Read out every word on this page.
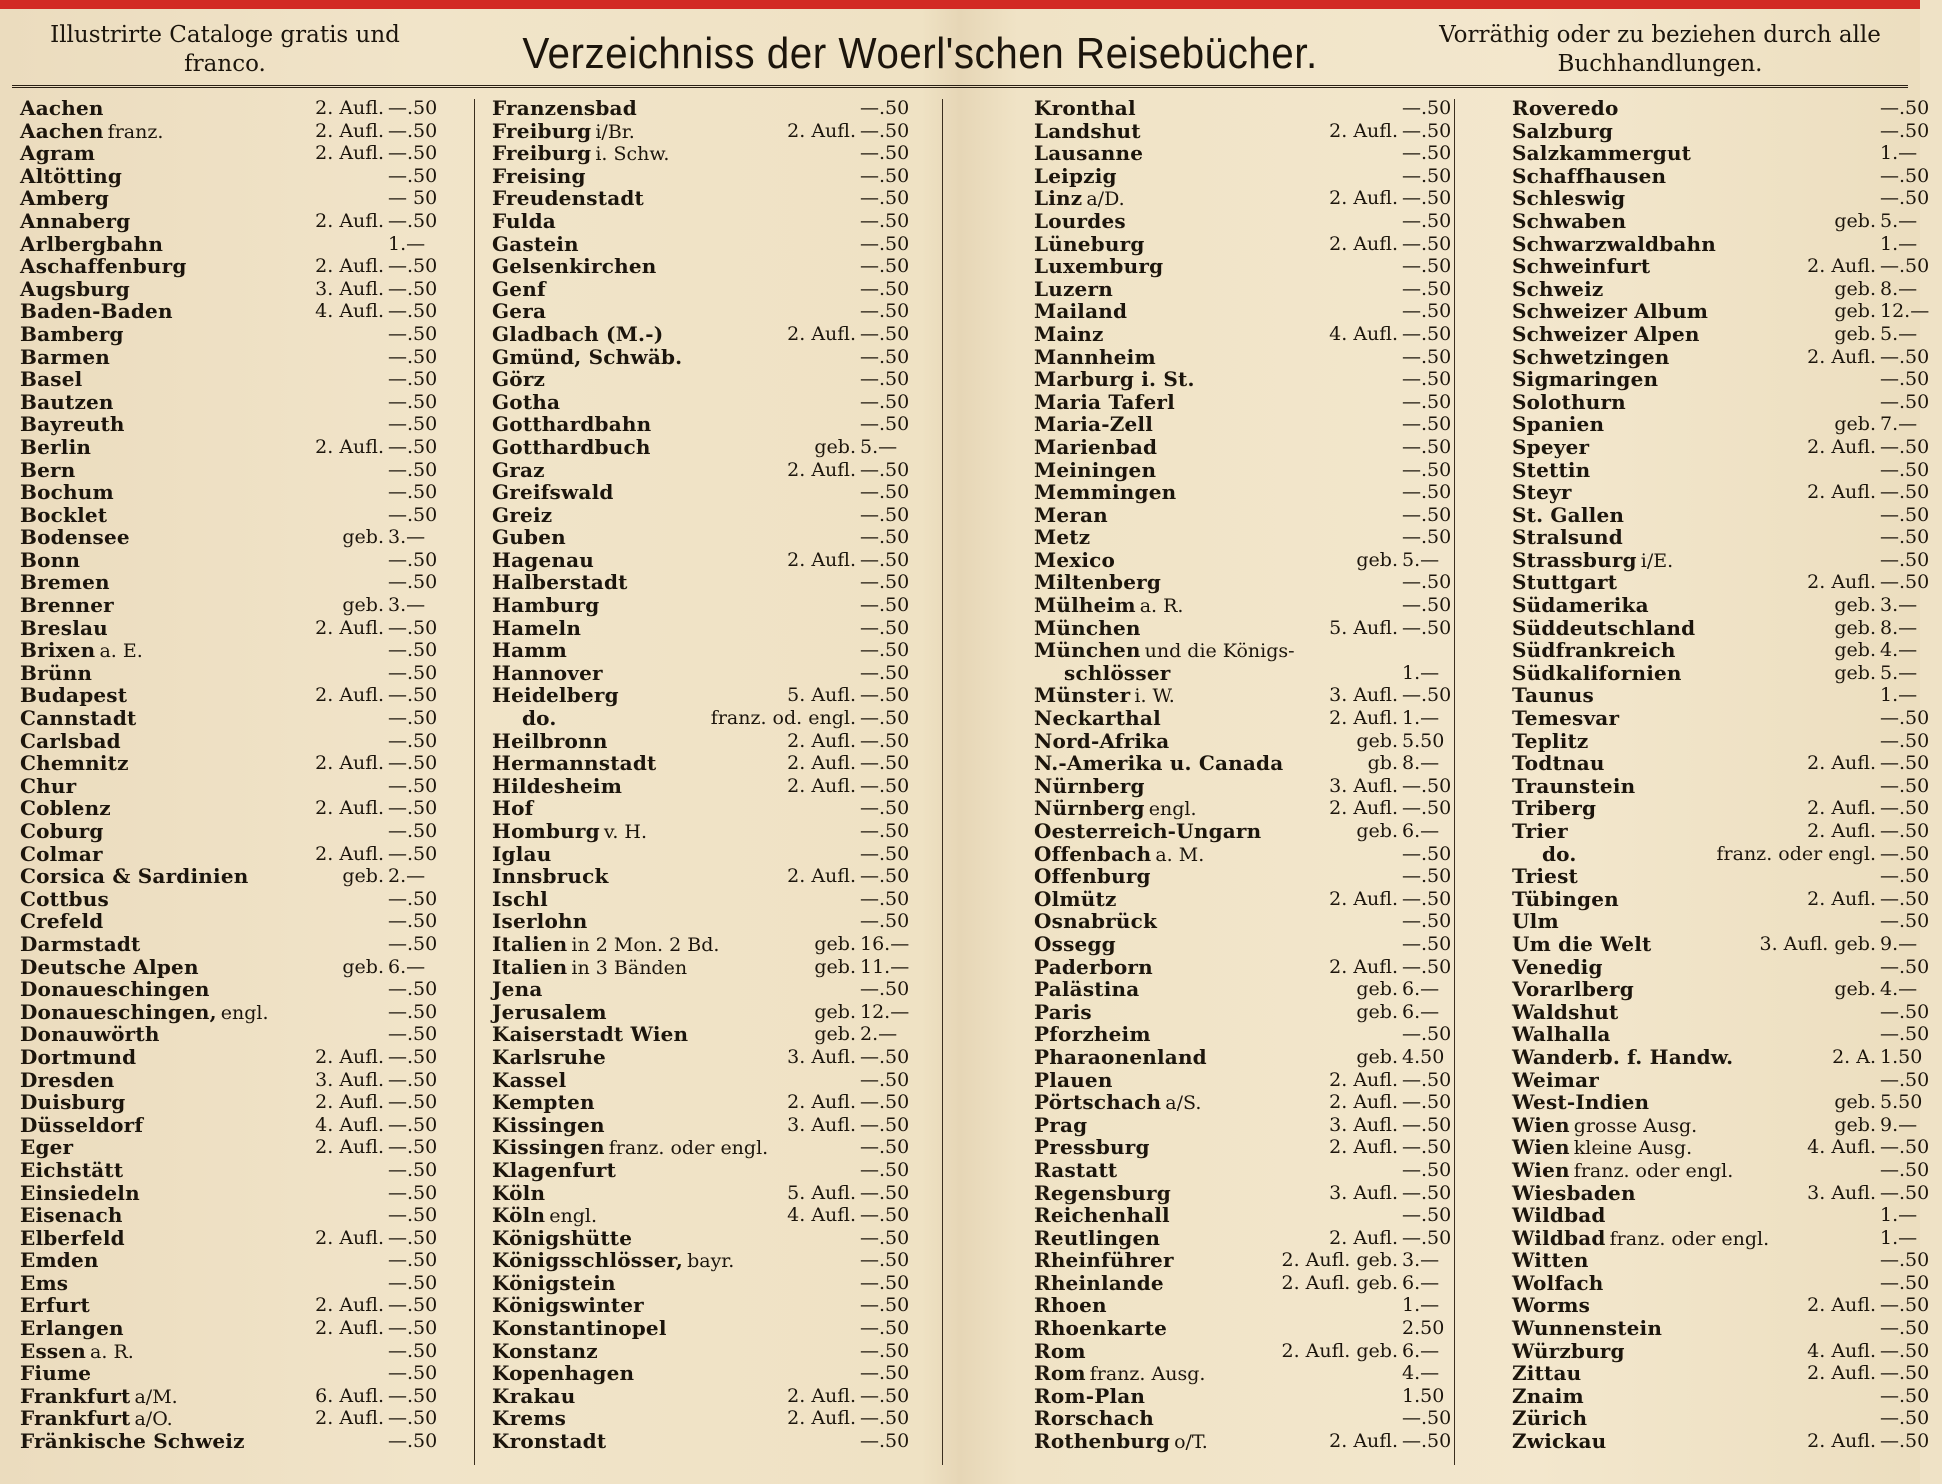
Illustrirte Cataloge gratis und franco.	Verzeichniss der Woerl'schen Reisebücher.	Vorräthig oder zu beziehen durch alle Buchhandlungen.
Aachen	2. Aufl. —.50
Aachen franz.	2. Aufl. —.50
Agram	2. Aufl. —.50
Altötting	—.50
Amberg	— 50
Annaberg	2. Aufl. —.50
Arlbergbahn	1.—
Aschaffenburg	2. Aufl. —.50
Augsburg	3. Aufl. —.50
Baden-Baden	4. Aufl. —.50
Bamberg	—.50
Barmen	—.50
Basel	—.50
Bautzen	—.50
Bayreuth	—.50
Berlin	2. Aufl. —.50
Bern	—.50
Bochum	—.50
Bocklet	—.50
Bodensee	geb. 3.—
Bonn	—.50
Bremen	—.50
Brenner	geb. 3.—
Breslau	2. Aufl. —.50
Brixen a. E.	—.50
Brünn	—.50
Budapest	2. Aufl. —.50
Cannstadt	—.50
Carlsbad	—.50
Chemnitz	2. Aufl. —.50
Chur	—.50
Coblenz	2. Aufl. —.50
Coburg	—.50
Colmar	2. Aufl. —.50
Corsica & Sardinien	geb. 2.—
Cottbus	—.50
Crefeld	—.50
Darmstadt	—.50
Deutsche Alpen	geb. 6.—
Donaueschingen	—.50
Donaueschingen, engl.	—.50
Donauwörth	—.50
Dortmund	2. Aufl. —.50
Dresden	3. Aufl. —.50
Duisburg	2. Aufl. —.50
Düsseldorf	4. Aufl. —.50
Eger	2. Aufl. —.50
Eichstätt	—.50
Einsiedeln	—.50
Eisenach	—.50
Elberfeld	2. Aufl. —.50
Emden	—.50
Ems	—.50
Erfurt	2. Aufl. —.50
Erlangen	2. Aufl. —.50
Essen a. R.	—.50
Fiume	—.50
Frankfurt a/M.	6. Aufl. —.50
Frankfurt a/O.	2. Aufl. —.50
Fränkische Schweiz	—.50
Franzensbad	—.50
Freiburg i/Br.	2. Aufl. —.50
Freiburg i. Schw.	—.50
Freising	—.50
Freudenstadt	—.50
Fulda	—.50
Gastein	—.50
Gelsenkirchen	—.50
Genf	—.50
Gera	—.50
Gladbach (M.-)	2. Aufl. —.50
Gmünd, Schwäb.	—.50
Görz	—.50
Gotha	—.50
Gotthardbahn	—.50
Gotthardbuch	geb. 5.—
Graz	2. Aufl. —.50
Greifswald	—.50
Greiz	—.50
Guben	—.50
Hagenau	2. Aufl. —.50
Halberstadt	—.50
Hamburg	—.50
Hameln	—.50
Hamm	—.50
Hannover	—.50
Heidelberg	5. Aufl. —.50
do.	franz. od. engl. —.50
Heilbronn	2. Aufl. —.50
Hermannstadt	2. Aufl. —.50
Hildesheim	2. Aufl. —.50
Hof	—.50
Homburg v. H.	—.50
Iglau	—.50
Innsbruck	2. Aufl. —.50
Ischl	—.50
Iserlohn	—.50
Italien in 2 Mon. 2 Bd.	geb. 16.—
Italien in 3 Bänden	geb. 11.—
Jena	—.50
Jerusalem	geb. 12.—
Kaiserstadt Wien	geb. 2.—
Karlsruhe	3. Aufl. —.50
Kassel	—.50
Kempten	2. Aufl. —.50
Kissingen	3. Aufl. —.50
Kissingen franz. oder engl.	—.50
Klagenfurt	—.50
Köln	5. Aufl. —.50
Köln engl.	4. Aufl. —.50
Königshütte	—.50
Königsschlösser, bayr.	—.50
Königstein	—.50
Königswinter	—.50
Konstantinopel	—.50
Konstanz	—.50
Kopenhagen	—.50
Krakau	2. Aufl. —.50
Krems	2. Aufl. —.50
Kronstadt	—.50
Kronthal	—.50
Landshut	2. Aufl. —.50
Lausanne	—.50
Leipzig	—.50
Linz a/D.	2. Aufl. —.50
Lourdes	—.50
Lüneburg	2. Aufl. —.50
Luxemburg	—.50
Luzern	—.50
Mailand	—.50
Mainz	4. Aufl. —.50
Mannheim	—.50
Marburg i. St.	—.50
Maria Taferl	—.50
Maria-Zell	—.50
Marienbad	—.50
Meiningen	—.50
Memmingen	—.50
Meran	—.50
Metz	—.50
Mexico	geb. 5.—
Miltenberg	—.50
Mülheim a. R.	—.50
München	5. Aufl. —.50
München und die Königs-
schlösser	1.—
Münster i. W.	3. Aufl. —.50
Neckarthal	2. Aufl. 1.—
Nord-Afrika	geb. 5.50
N.-Amerika u. Canada	gb. 8.—
Nürnberg	3. Aufl. —.50
Nürnberg engl.	2. Aufl. —.50
Oesterreich-Ungarn	geb. 6.—
Offenbach a. M.	—.50
Offenburg	—.50
Olmütz	2. Aufl. —.50
Osnabrück	—.50
Ossegg	—.50
Paderborn	2. Aufl. —.50
Palästina	geb. 6.—
Paris	geb. 6.—
Pforzheim	—.50
Pharaonenland	geb. 4.50
Plauen	2. Aufl. —.50
Pörtschach a/S.	2. Aufl. —.50
Prag	3. Aufl. —.50
Pressburg	2. Aufl. —.50
Rastatt	—.50
Regensburg	3. Aufl. —.50
Reichenhall	—.50
Reutlingen	2. Aufl. —.50
Rheinführer	2. Aufl. geb. 3.—
Rheinlande	2. Aufl. geb. 6.—
Rhoen	1.—
Rhoenkarte	2.50
Rom	2. Aufl. geb. 6.—
Rom franz. Ausg.	4.—
Rom-Plan	1.50
Rorschach	—.50
Rothenburg o/T.	2. Aufl. —.50
Roveredo	—.50
Salzburg	—.50
Salzkammergut	1.—
Schaffhausen	—.50
Schleswig	—.50
Schwaben	geb. 5.—
Schwarzwaldbahn	1.—
Schweinfurt	2. Aufl. —.50
Schweiz	geb. 8.—
Schweizer Album	geb. 12.—
Schweizer Alpen	geb. 5.—
Schwetzingen	2. Aufl. —.50
Sigmaringen	—.50
Solothurn	—.50
Spanien	geb. 7.—
Speyer	2. Aufl. —.50
Stettin	—.50
Steyr	2. Aufl. —.50
St. Gallen	—.50
Stralsund	—.50
Strassburg i/E.	—.50
Stuttgart	2. Aufl. —.50
Südamerika	geb. 3.—
Süddeutschland	geb. 8.—
Südfrankreich	geb. 4.—
Südkalifornien	geb. 5.—
Taunus	1.—
Temesvar	—.50
Teplitz	—.50
Todtnau	2. Aufl. —.50
Traunstein	—.50
Triberg	2. Aufl. —.50
Trier	2. Aufl. —.50
do.	franz. oder engl. —.50
Triest	—.50
Tübingen	2. Aufl. —.50
Ulm	—.50
Um die Welt	3. Aufl. geb. 9.—
Venedig	—.50
Vorarlberg	geb. 4.—
Waldshut	—.50
Walhalla	—.50
Wanderb. f. Handw.	2. A. 1.50
Weimar	—.50
West-Indien	geb. 5.50
Wien grosse Ausg.	geb. 9.—
Wien kleine Ausg.	4. Aufl. —.50
Wien franz. oder engl.	—.50
Wiesbaden	3. Aufl. —.50
Wildbad	1.—
Wildbad franz. oder engl.	1.—
Witten	—.50
Wolfach	—.50
Worms	2. Aufl. —.50
Wunnenstein	—.50
Würzburg	4. Aufl. —.50
Zittau	2. Aufl. —.50
Znaim	—.50
Zürich	—.50
Zwickau	2. Aufl. —.50
